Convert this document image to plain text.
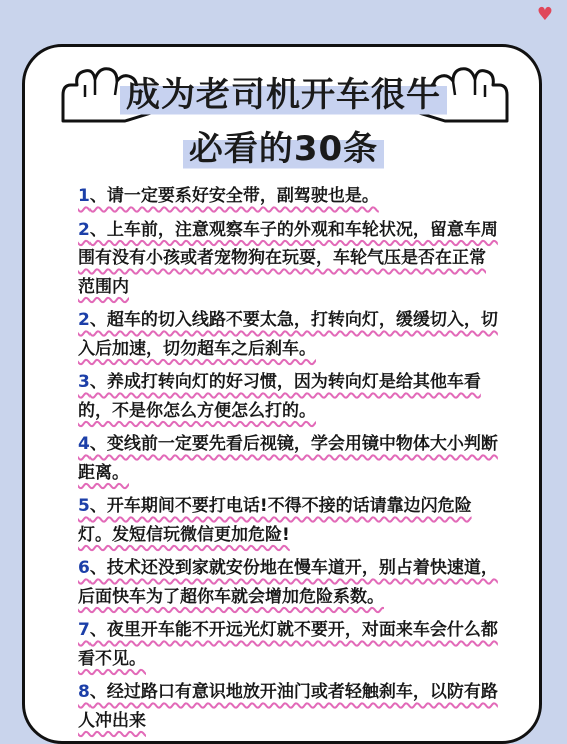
♥
成为老司机开车很牛
必看的30条
1、请一定要系好安全带，副驾驶也是。
2、上车前，注意观察车子的外观和车轮状况，留意车周围有没有小孩或者宠物狗在玩耍，车轮气压是否在正常范围内
2、超车的切入线路不要太急，打转向灯，缓缓切入，切入后加速，切勿超车之后刹车。
3、养成打转向灯的好习惯，因为转向灯是给其他车看的，不是你怎么方便怎么打的。
4、变线前一定要先看后视镜，学会用镜中物体大小判断距离。
5、开车期间不要打电话!不得不接的话请靠边闪危险灯。发短信玩微信更加危险!
6、技术还没到家就安份地在慢车道开，别占着快速道，后面快车为了超你车就会增加危险系数。
7、夜里开车能不开远光灯就不要开，对面来车会什么都看不见。
8、经过路口有意识地放开油门或者轻触刹车，以防有路人冲出来
